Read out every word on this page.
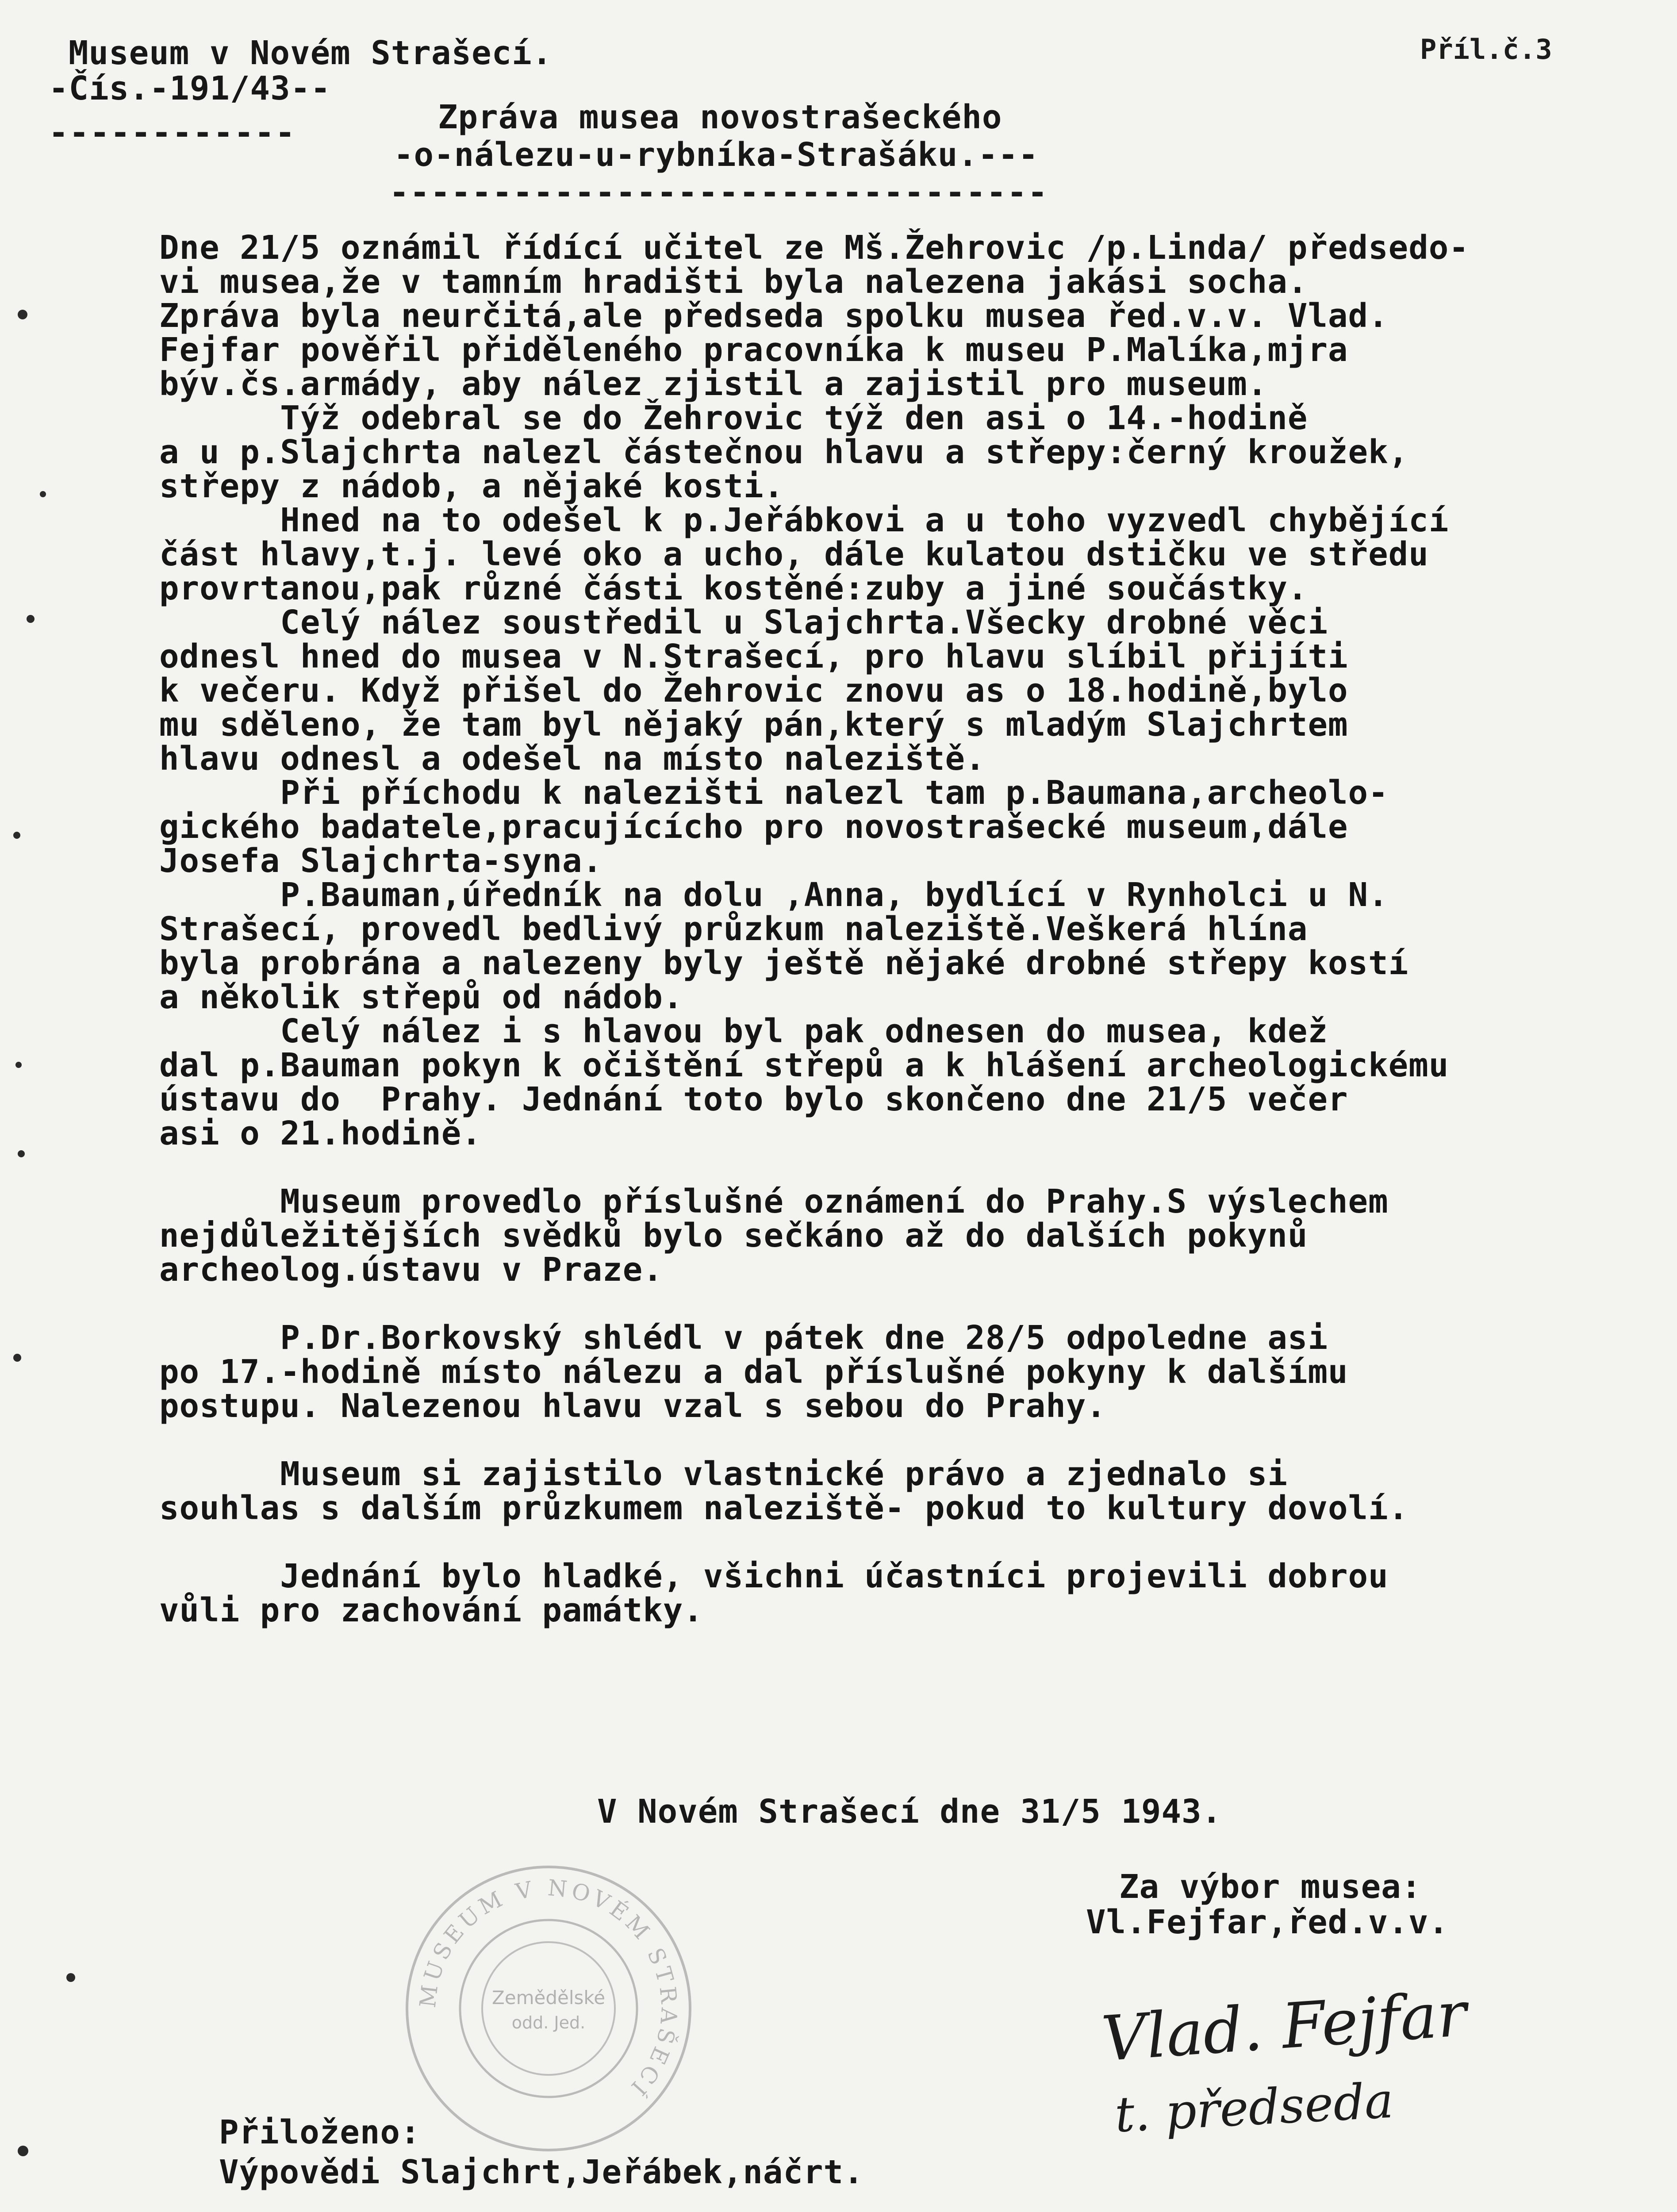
Museum v Novém Strašecí.
-Čís.-191/43--
------------
Příl.č.3
Zpráva musea novostrašeckého
-o-nálezu-u-rybníka-Strašáku.---
--------------------------------
Dne 21/5 oznámil řídící učitel ze Mš.Žehrovic /p.Linda/ předsedo-
vi musea,že v tamním hradišti byla nalezena jakási socha.
Zpráva byla neurčitá,ale předseda spolku musea řed.v.v. Vlad.
Fejfar pověřil přiděleného pracovníka k museu P.Malíka,mjra
býv.čs.armády, aby nález zjistil a zajistil pro museum.
Týž odebral se do Žehrovic týž den asi o 14.-hodině
a u p.Slajchrta nalezl částečnou hlavu a střepy:černý kroužek,
střepy z nádob, a nějaké kosti.
Hned na to odešel k p.Jeřábkovi a u toho vyzvedl chybějící
část hlavy,t.j. levé oko a ucho, dále kulatou dstičku ve středu
provrtanou,pak různé části kostěné:zuby a jiné součástky.
Celý nález soustředil u Slajchrta.Všecky drobné věci
odnesl hned do musea v N.Strašecí, pro hlavu slíbil přijíti
k večeru. Když přišel do Žehrovic znovu as o 18.hodině,bylo
mu sděleno, že tam byl nějaký pán,který s mladým Slajchrtem
hlavu odnesl a odešel na místo naleziště.
Při příchodu k nalezišti nalezl tam p.Baumana,archeolo-
gického badatele,pracujícícho pro novostrašecké museum,dále
Josefa Slajchrta-syna.
P.Bauman,úředník na dolu ,Anna, bydlící v Rynholci u N.
Strašecí, provedl bedlivý průzkum naleziště.Veškerá hlína
byla probrána a nalezeny byly ještě nějaké drobné střepy kostí
a několik střepů od nádob.
Celý nález i s hlavou byl pak odnesen do musea, kdež
dal p.Bauman pokyn k očištění střepů a k hlášení archeologickému
ústavu do  Prahy. Jednání toto bylo skončeno dne 21/5 večer
asi o 21.hodině.
Museum provedlo příslušné oznámení do Prahy.S výslechem
nejdůležitějších svědků bylo sečkáno až do dalších pokynů
archeolog.ústavu v Praze.
P.Dr.Borkovský shlédl v pátek dne 28/5 odpoledne asi
po 17.-hodině místo nálezu a dal příslušné pokyny k dalšímu
postupu. Nalezenou hlavu vzal s sebou do Prahy.
Museum si zajistilo vlastnické právo a zjednalo si
souhlas s dalším průzkumem naleziště- pokud to kultury dovolí.
Jednání bylo hladké, všichni účastníci projevili dobrou
vůli pro zachování památky.
V Novém Strašecí dne 31/5 1943.
Za výbor musea:
Vl.Fejfar,řed.v.v.
Vlad. Fejfar
t. předseda
MUSEUM V NOVÉM STRAŠECÍ
Zemědělské
odd. Jed.
Přiloženo:
Výpovědi Slajchrt,Jeřábek,náčrt.
